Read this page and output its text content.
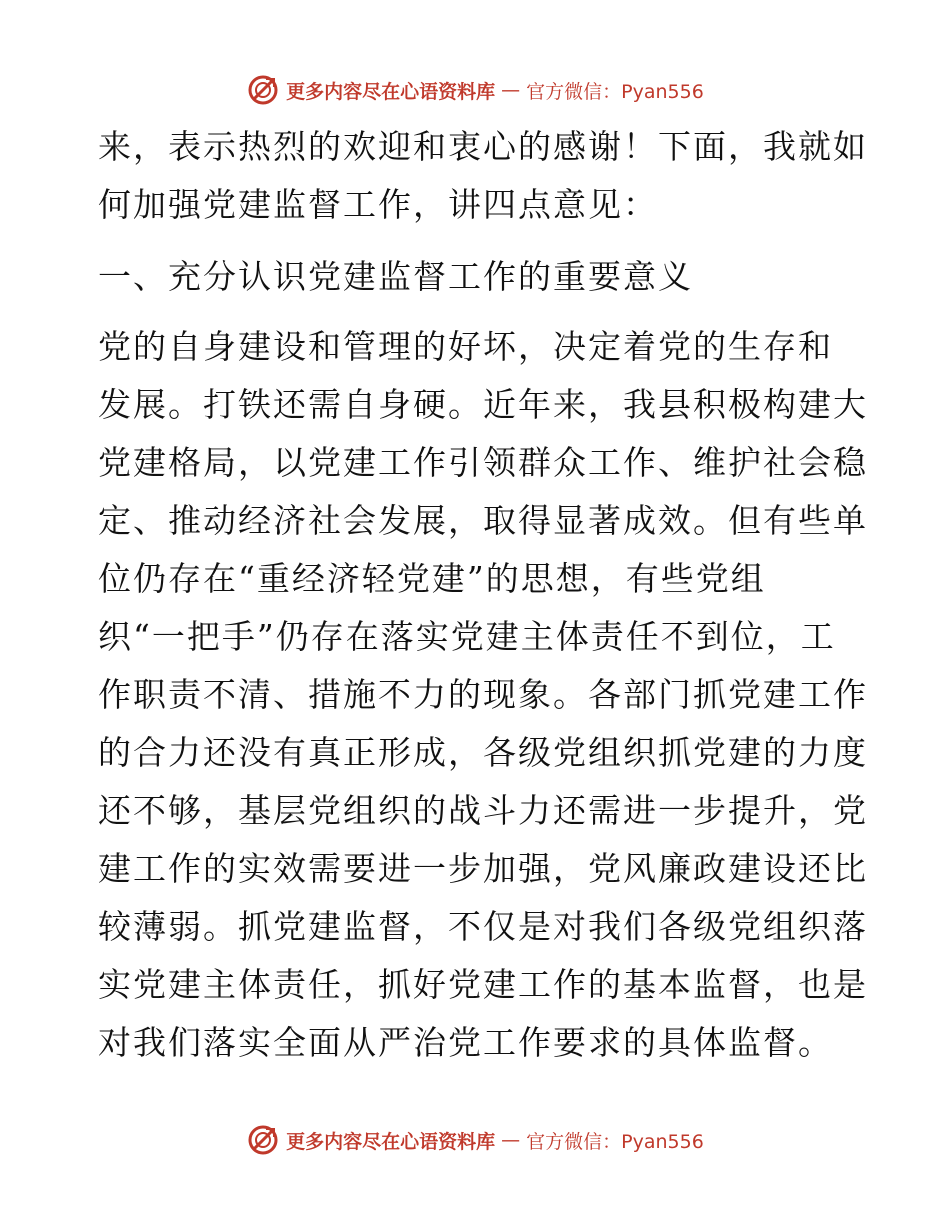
更多内容尽在心语资料库 — 官方微信：Pyan556
来，表示热烈的欢迎和衷心的感谢！下面，我就如
何加强党建监督工作，讲四点意见：
一、充分认识党建监督工作的重要意义
党的自身建设和管理的好坏，决定着党的生存和
发展。打铁还需自身硬。近年来，我县积极构建大
党建格局，以党建工作引领群众工作、维护社会稳
定、推动经济社会发展，取得显著成效。但有些单
位仍存在“重经济轻党建”的思想，有些党组
织“一把手”仍存在落实党建主体责任不到位，工
作职责不清、措施不力的现象。各部门抓党建工作
的合力还没有真正形成，各级党组织抓党建的力度
还不够，基层党组织的战斗力还需进一步提升，党
建工作的实效需要进一步加强，党风廉政建设还比
较薄弱。抓党建监督，不仅是对我们各级党组织落
实党建主体责任，抓好党建工作的基本监督，也是
对我们落实全面从严治党工作要求的具体监督。
更多内容尽在心语资料库 — 官方微信：Pyan556
